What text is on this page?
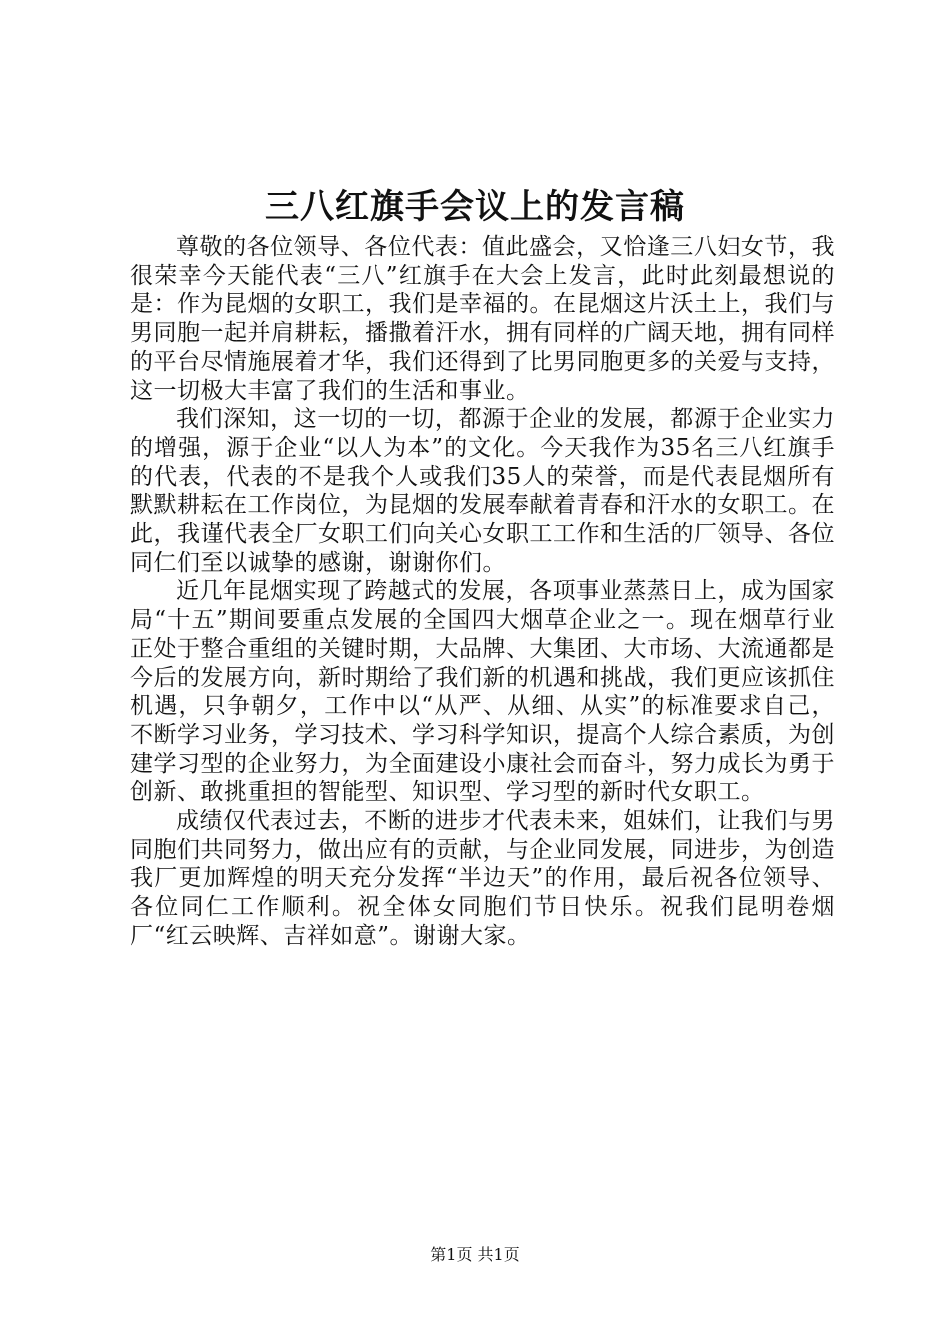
三八红旗手会议上的发言稿

尊敬的各位领导、各位代表：值此盛会，又恰逢三八妇女节，我很荣幸今天能代表“三八”红旗手在大会上发言，此时此刻最想说的是：作为昆烟的女职工，我们是幸福的。在昆烟这片沃土上，我们与男同胞一起并肩耕耘，播撒着汗水，拥有同样的广阔天地，拥有同样的平台尽情施展着才华，我们还得到了比男同胞更多的关爱与支持，这一切极大丰富了我们的生活和事业。

我们深知，这一切的一切，都源于企业的发展，都源于企业实力的增强，源于企业“以人为本”的文化。今天我作为35名三八红旗手的代表，代表的不是我个人或我们35人的荣誉，而是代表昆烟所有默默耕耘在工作岗位，为昆烟的发展奉献着青春和汗水的女职工。在此，我谨代表全厂女职工们向关心女职工工作和生活的厂领导、各位同仁们至以诚挚的感谢，谢谢你们。

近几年昆烟实现了跨越式的发展，各项事业蒸蒸日上，成为国家局“十五”期间要重点发展的全国四大烟草企业之一。现在烟草行业正处于整合重组的关键时期，大品牌、大集团、大市场、大流通都是今后的发展方向，新时期给了我们新的机遇和挑战，我们更应该抓住机遇，只争朝夕，工作中以“从严、从细、从实”的标准要求自己，不断学习业务，学习技术、学习科学知识，提高个人综合素质，为创建学习型的企业努力，为全面建设小康社会而奋斗，努力成长为勇于创新、敢挑重担的智能型、知识型、学习型的新时代女职工。

成绩仅代表过去，不断的进步才代表未来，姐妹们，让我们与男同胞们共同努力，做出应有的贡献，与企业同发展，同进步，为创造我厂更加辉煌的明天充分发挥“半边天”的作用，最后祝各位领导、各位同仁工作顺利。祝全体女同胞们节日快乐。祝我们昆明卷烟厂“红云映辉、吉祥如意”。谢谢大家。

第1页 共1页
